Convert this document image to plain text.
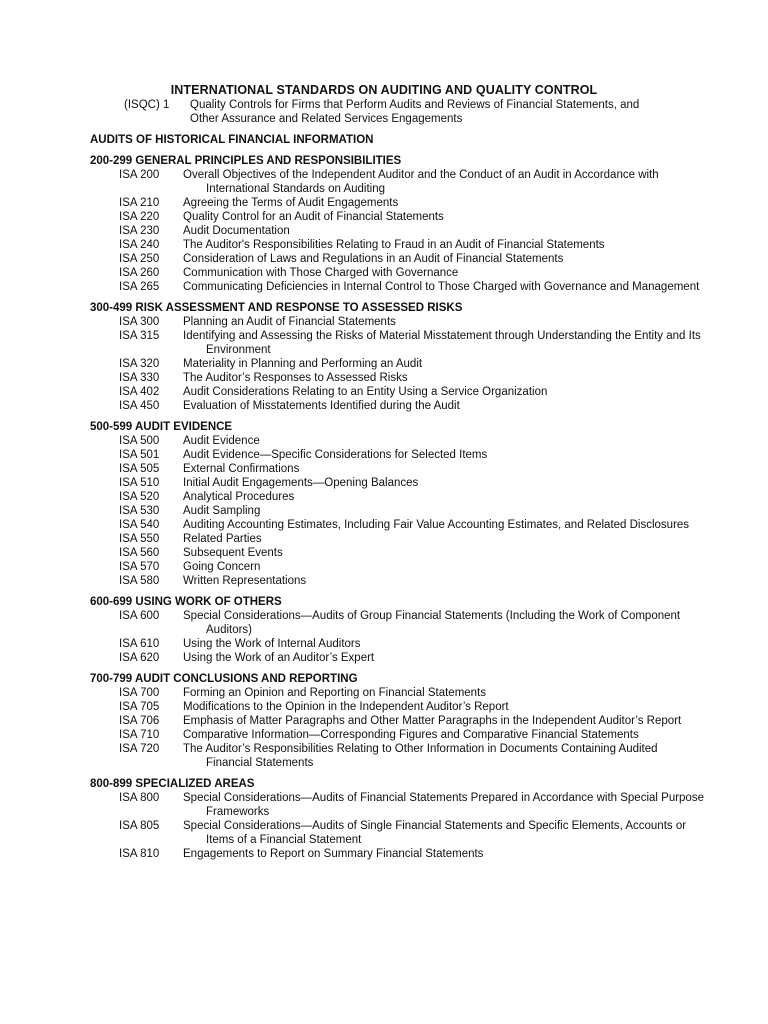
INTERNATIONAL STANDARDS ON AUDITING AND QUALITY CONTROL
(ISQC) 1	Quality Controls for Firms that Perform Audits and Reviews of Financial Statements, and Other Assurance and Related Services Engagements
AUDITS OF HISTORICAL FINANCIAL INFORMATION
200-299 GENERAL PRINCIPLES AND RESPONSIBILITIES
ISA 200	Overall Objectives of the Independent Auditor and the Conduct of an Audit in Accordance with International Standards on Auditing
ISA 210	Agreeing the Terms of Audit Engagements
ISA 220	Quality Control for an Audit of Financial Statements
ISA 230	Audit Documentation
ISA 240	The Auditor's Responsibilities Relating to Fraud in an Audit of Financial Statements
ISA 250	Consideration of Laws and Regulations in an Audit of Financial Statements
ISA 260	Communication with Those Charged with Governance
ISA 265	Communicating Deficiencies in Internal Control to Those Charged with Governance and Management
300-499 RISK ASSESSMENT AND RESPONSE TO ASSESSED RISKS
ISA 300	Planning an Audit of Financial Statements
ISA 315	Identifying and Assessing the Risks of Material Misstatement through Understanding the Entity and Its Environment
ISA 320	Materiality in Planning and Performing an Audit
ISA 330	The Auditor’s Responses to Assessed Risks
ISA 402	Audit Considerations Relating to an Entity Using a Service Organization
ISA 450	Evaluation of Misstatements Identified during the Audit
500-599 AUDIT EVIDENCE
ISA 500	Audit Evidence
ISA 501	Audit Evidence—Specific Considerations for Selected Items
ISA 505	External Confirmations
ISA 510	Initial Audit Engagements—Opening Balances
ISA 520	Analytical Procedures
ISA 530	Audit Sampling
ISA 540	Auditing Accounting Estimates, Including Fair Value Accounting Estimates, and Related Disclosures
ISA 550	Related Parties
ISA 560	Subsequent Events
ISA 570	Going Concern
ISA 580	Written Representations
600-699 USING WORK OF OTHERS
ISA 600	Special Considerations—Audits of Group Financial Statements (Including the Work of Component Auditors)
ISA 610	Using the Work of Internal Auditors
ISA 620	Using the Work of an Auditor’s Expert
700-799 AUDIT CONCLUSIONS AND REPORTING
ISA 700	Forming an Opinion and Reporting on Financial Statements
ISA 705	Modifications to the Opinion in the Independent Auditor’s Report
ISA 706	Emphasis of Matter Paragraphs and Other Matter Paragraphs in the Independent Auditor’s Report
ISA 710	Comparative Information—Corresponding Figures and Comparative Financial Statements
ISA 720	The Auditor’s Responsibilities Relating to Other Information in Documents Containing Audited Financial Statements
800-899 SPECIALIZED AREAS
ISA 800	Special Considerations—Audits of Financial Statements Prepared in Accordance with Special Purpose Frameworks
ISA 805	Special Considerations—Audits of Single Financial Statements and Specific Elements, Accounts or Items of a Financial Statement
ISA 810	Engagements to Report on Summary Financial Statements
